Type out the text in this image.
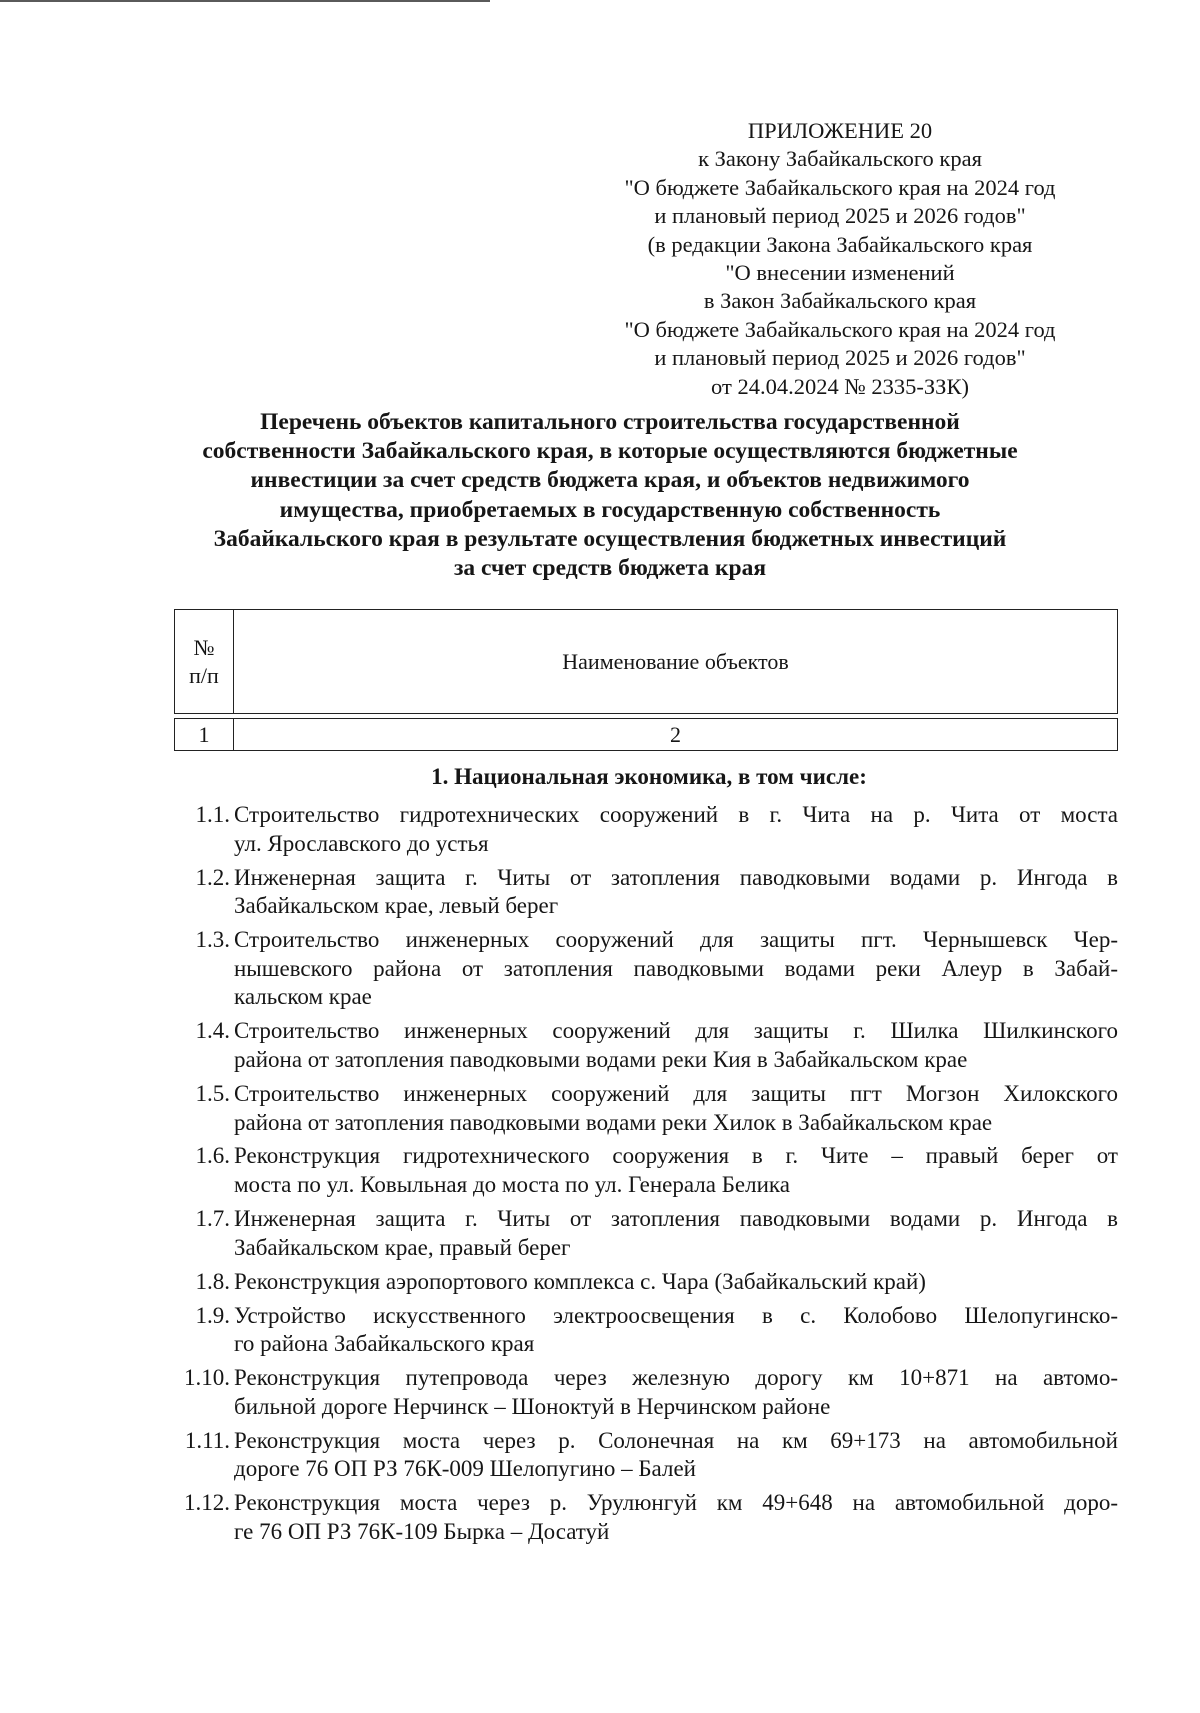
ПРИЛОЖЕНИЕ 20
к Закону Забайкальского края
"О бюджете Забайкальского края на 2024 год
и плановый период 2025 и 2026 годов"
(в редакции Закона Забайкальского края
"О внесении изменений
в Закон Забайкальского края
"О бюджете Забайкальского края на 2024 год
и плановый период 2025 и 2026 годов"
от 24.04.2024 № 2335-ЗЗК)
Перечень объектов капитального строительства государственной
собственности Забайкальского края, в которые осуществляются бюджетные
инвестиции за счет средств бюджета края, и объектов недвижимого
имущества, приобретаемых в государственную собственность
Забайкальского края в результате осуществления бюджетных инвестиций
за счет средств бюджета края
№
п/п	Наименование объектов

1	2
1. Национальная экономика, в том числе:
1.1. Строительство гидротехнических сооружений в г. Чита на р. Чита от моста
ул. Ярославского до устья
1.2. Инженерная защита г. Читы от затопления паводковыми водами р. Ингода в
Забайкальском крае, левый берег
1.3. Строительство инженерных сооружений для защиты пгт. Чернышевск Чер-
нышевского района от затопления паводковыми водами реки Алеур в Забай-
кальском крае
1.4. Строительство инженерных сооружений для защиты г. Шилка Шилкинского
района от затопления паводковыми водами реки Кия в Забайкальском крае
1.5. Строительство инженерных сооружений для защиты пгт Могзон Хилокского
района от затопления паводковыми водами реки Хилок в Забайкальском крае
1.6. Реконструкция гидротехнического сооружения в г. Чите – правый берег от
моста по ул. Ковыльная до моста по ул. Генерала Белика
1.7. Инженерная защита г. Читы от затопления паводковыми водами р. Ингода в
Забайкальском крае, правый берег
1.8. Реконструкция аэропортового комплекса с. Чара (Забайкальский край)
1.9. Устройство искусственного электроосвещения в с. Колобово Шелопугинско-
го района Забайкальского края
1.10. Реконструкция путепровода через железную дорогу км 10+871 на автомо-
бильной дороге Нерчинск – Шоноктуй в Нерчинском районе
1.11. Реконструкция моста через р. Солонечная на км 69+173 на автомобильной
дороге 76 ОП РЗ 76К-009 Шелопугино – Балей
1.12. Реконструкция моста через р. Урулюнгуй км 49+648 на автомобильной доро-
ге 76 ОП РЗ 76К-109 Быркa – Досатуй
